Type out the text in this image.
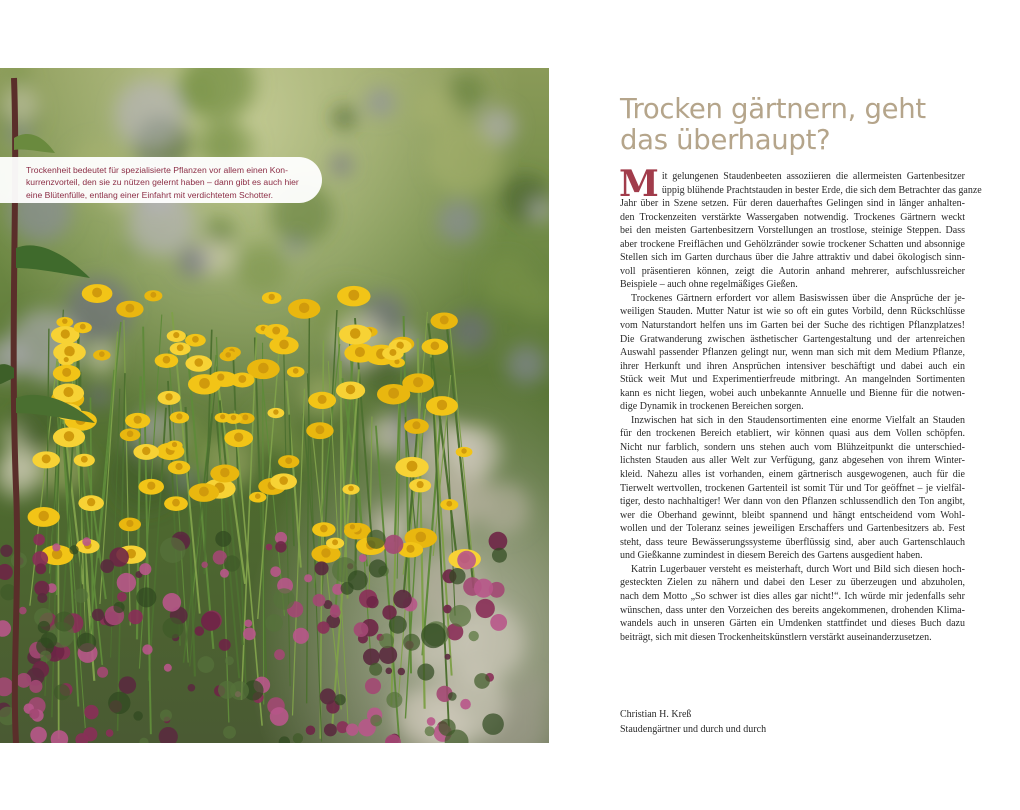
Trockenheit bedeutet für spezialisierte Pflanzen vor allem einen Kon-
kurrenzvorteil, den sie zu nützen gelernt haben – dann gibt es auch hier
eine Blütenfülle, entlang einer Einfahrt mit verdichtetem Schotter.
Trocken gärtnern, geht
das überhaupt?
M it gelungenen Staudenbeeten assoziieren die allermeisten Gartenbesitzer
üppig blühende Prachtstauden in bester Erde, die sich dem Betrachter das ganze
Jahr über in Szene setzen. Für deren dauerhaftes Gelingen sind in länger anhalten-
den Trockenzeiten verstärkte Wassergaben notwendig. Trockenes Gärtnern weckt
bei den meisten Gartenbesitzern Vorstellungen an trostlose, steinige Steppen. Dass
aber trockene Freiflächen und Gehölzränder sowie trockener Schatten und absonnige
Stellen sich im Garten durchaus über die Jahre attraktiv und dabei ökologisch sinn-
voll präsentieren können, zeigt die Autorin anhand mehrerer, aufschlussreicher
Beispiele – auch ohne regelmäßiges Gießen.
Trockenes Gärtnern erfordert vor allem Basiswissen über die Ansprüche der je-
weiligen Stauden. Mutter Natur ist wie so oft ein gutes Vorbild, denn Rückschlüsse
vom Naturstandort helfen uns im Garten bei der Suche des richtigen Pflanzplatzes!
Die Gratwanderung zwischen ästhetischer Gartengestaltung und der artenreichen
Auswahl passender Pflanzen gelingt nur, wenn man sich mit dem Medium Pflanze,
ihrer Herkunft und ihren Ansprüchen intensiver beschäftigt und dabei auch ein
Stück weit Mut und Experimentierfreude mitbringt. An mangelnden Sortimenten
kann es nicht liegen, wobei auch unbekannte Annuelle und Bienne für die notwen-
dige Dynamik in trockenen Bereichen sorgen.
Inzwischen hat sich in den Staudensortimenten eine enorme Vielfalt an Stauden
für den trockenen Bereich etabliert, wir können quasi aus dem Vollen schöpfen.
Nicht nur farblich, sondern uns stehen auch vom Blühzeitpunkt die unterschied-
lichsten Stauden aus aller Welt zur Verfügung, ganz abgesehen von ihrem Winter-
kleid. Nahezu alles ist vorhanden, einem gärtnerisch ausgewogenen, auch für die
Tierwelt wertvollen, trockenen Gartenteil ist somit Tür und Tor geöffnet – je vielfäl-
tiger, desto nachhaltiger! Wer dann von den Pflanzen schlussendlich den Ton angibt,
wer die Oberhand gewinnt, bleibt spannend und hängt entscheidend vom Wohl-
wollen und der Toleranz seines jeweiligen Erschaffers und Gartenbesitzers ab. Fest
steht, dass teure Bewässerungssysteme überflüssig sind, aber auch Gartenschlauch
und Gießkanne zumindest in diesem Bereich des Gartens ausgedient haben.
Katrin Lugerbauer versteht es meisterhaft, durch Wort und Bild sich diesen hoch-
gesteckten Zielen zu nähern und dabei den Leser zu überzeugen und abzuholen,
nach dem Motto „So schwer ist dies alles gar nicht!“. Ich würde mir jedenfalls sehr
wünschen, dass unter den Vorzeichen des bereits angekommenen, drohenden Klima-
wandels auch in unseren Gärten ein Umdenken stattfindet und dieses Buch dazu
beiträgt, sich mit diesen Trockenheitskünstlern verstärkt auseinanderzusetzen.
Christian H. Kreß
Staudengärtner und durch und durch
